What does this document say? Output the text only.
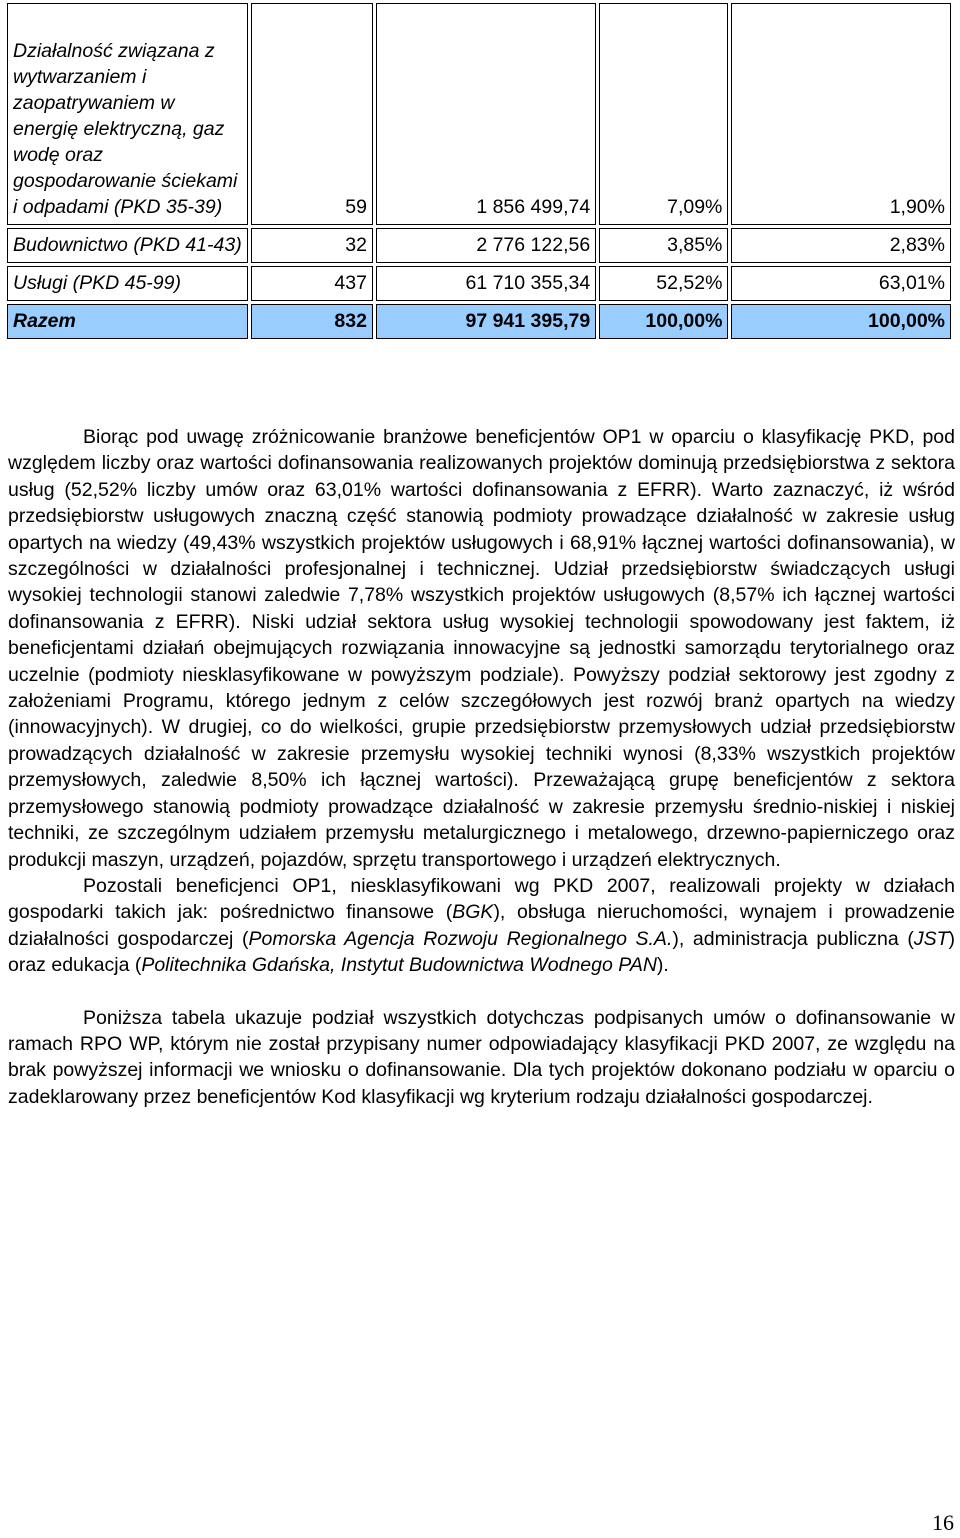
Działalność związana z wytwarzaniem i zaopatrywaniem w energię elektryczną, gaz wodę oraz gospodarowanie ściekami i odpadami (PKD 35-39)	59	1 856 499,74	7,09%	1,90%
Budownictwo (PKD 41-43)	32	2 776 122,56	3,85%	2,83%
Usługi (PKD 45-99)	437	61 710 355,34	52,52%	63,01%
Razem	832	97 941 395,79	100,00%	100,00%

Biorąc pod uwagę zróżnicowanie branżowe beneficjentów OP1 w oparciu o klasyfikację PKD, pod względem liczby oraz wartości dofinansowania realizowanych projektów dominują przedsiębiorstwa z sektora usług (52,52% liczby umów oraz 63,01% wartości dofinansowania z EFRR). Warto zaznaczyć, iż wśród przedsiębiorstw usługowych znaczną część stanowią podmioty prowadzące działalność w zakresie usług opartych na wiedzy (49,43% wszystkich projektów usługowych i 68,91% łącznej wartości dofinansowania), w szczególności w działalności profesjonalnej i technicznej. Udział przedsiębiorstw świadczących usługi wysokiej technologii stanowi zaledwie 7,78% wszystkich projektów usługowych (8,57% ich łącznej wartości dofinansowania z EFRR). Niski udział sektora usług wysokiej technologii spowodowany jest faktem, iż beneficjentami działań obejmujących rozwiązania innowacyjne są jednostki samorządu terytorialnego oraz uczelnie (podmioty niesklasyfikowane w powyższym podziale). Powyższy podział sektorowy jest zgodny z założeniami Programu, którego jednym z celów szczegółowych jest rozwój branż opartych na wiedzy (innowacyjnych). W drugiej, co do wielkości, grupie przedsiębiorstw przemysłowych udział przedsiębiorstw prowadzących działalność w zakresie przemysłu wysokiej techniki wynosi (8,33% wszystkich projektów przemysłowych, zaledwie 8,50% ich łącznej wartości). Przeważającą grupę beneficjentów z sektora przemysłowego stanowią podmioty prowadzące działalność w zakresie przemysłu średnio-niskiej i niskiej techniki, ze szczególnym udziałem przemysłu metalurgicznego i metalowego, drzewno-papierniczego oraz produkcji maszyn, urządzeń, pojazdów, sprzętu transportowego i urządzeń elektrycznych.

Pozostali beneficjenci OP1, niesklasyfikowani wg PKD 2007, realizowali projekty w działach gospodarki takich jak: pośrednictwo finansowe (BGK), obsługa nieruchomości, wynajem i prowadzenie działalności gospodarczej (Pomorska Agencja Rozwoju Regionalnego S.A.), administracja publiczna (JST) oraz edukacja (Politechnika Gdańska, Instytut Budownictwa Wodnego PAN).

Poniższa tabela ukazuje podział wszystkich dotychczas podpisanych umów o dofinansowanie w ramach RPO WP, którym nie został przypisany numer odpowiadający klasyfikacji PKD 2007, ze względu na brak powyższej informacji we wniosku o dofinansowanie. Dla tych projektów dokonano podziału w oparciu o zadeklarowany przez beneficjentów Kod klasyfikacji wg kryterium rodzaju działalności gospodarczej.

16
